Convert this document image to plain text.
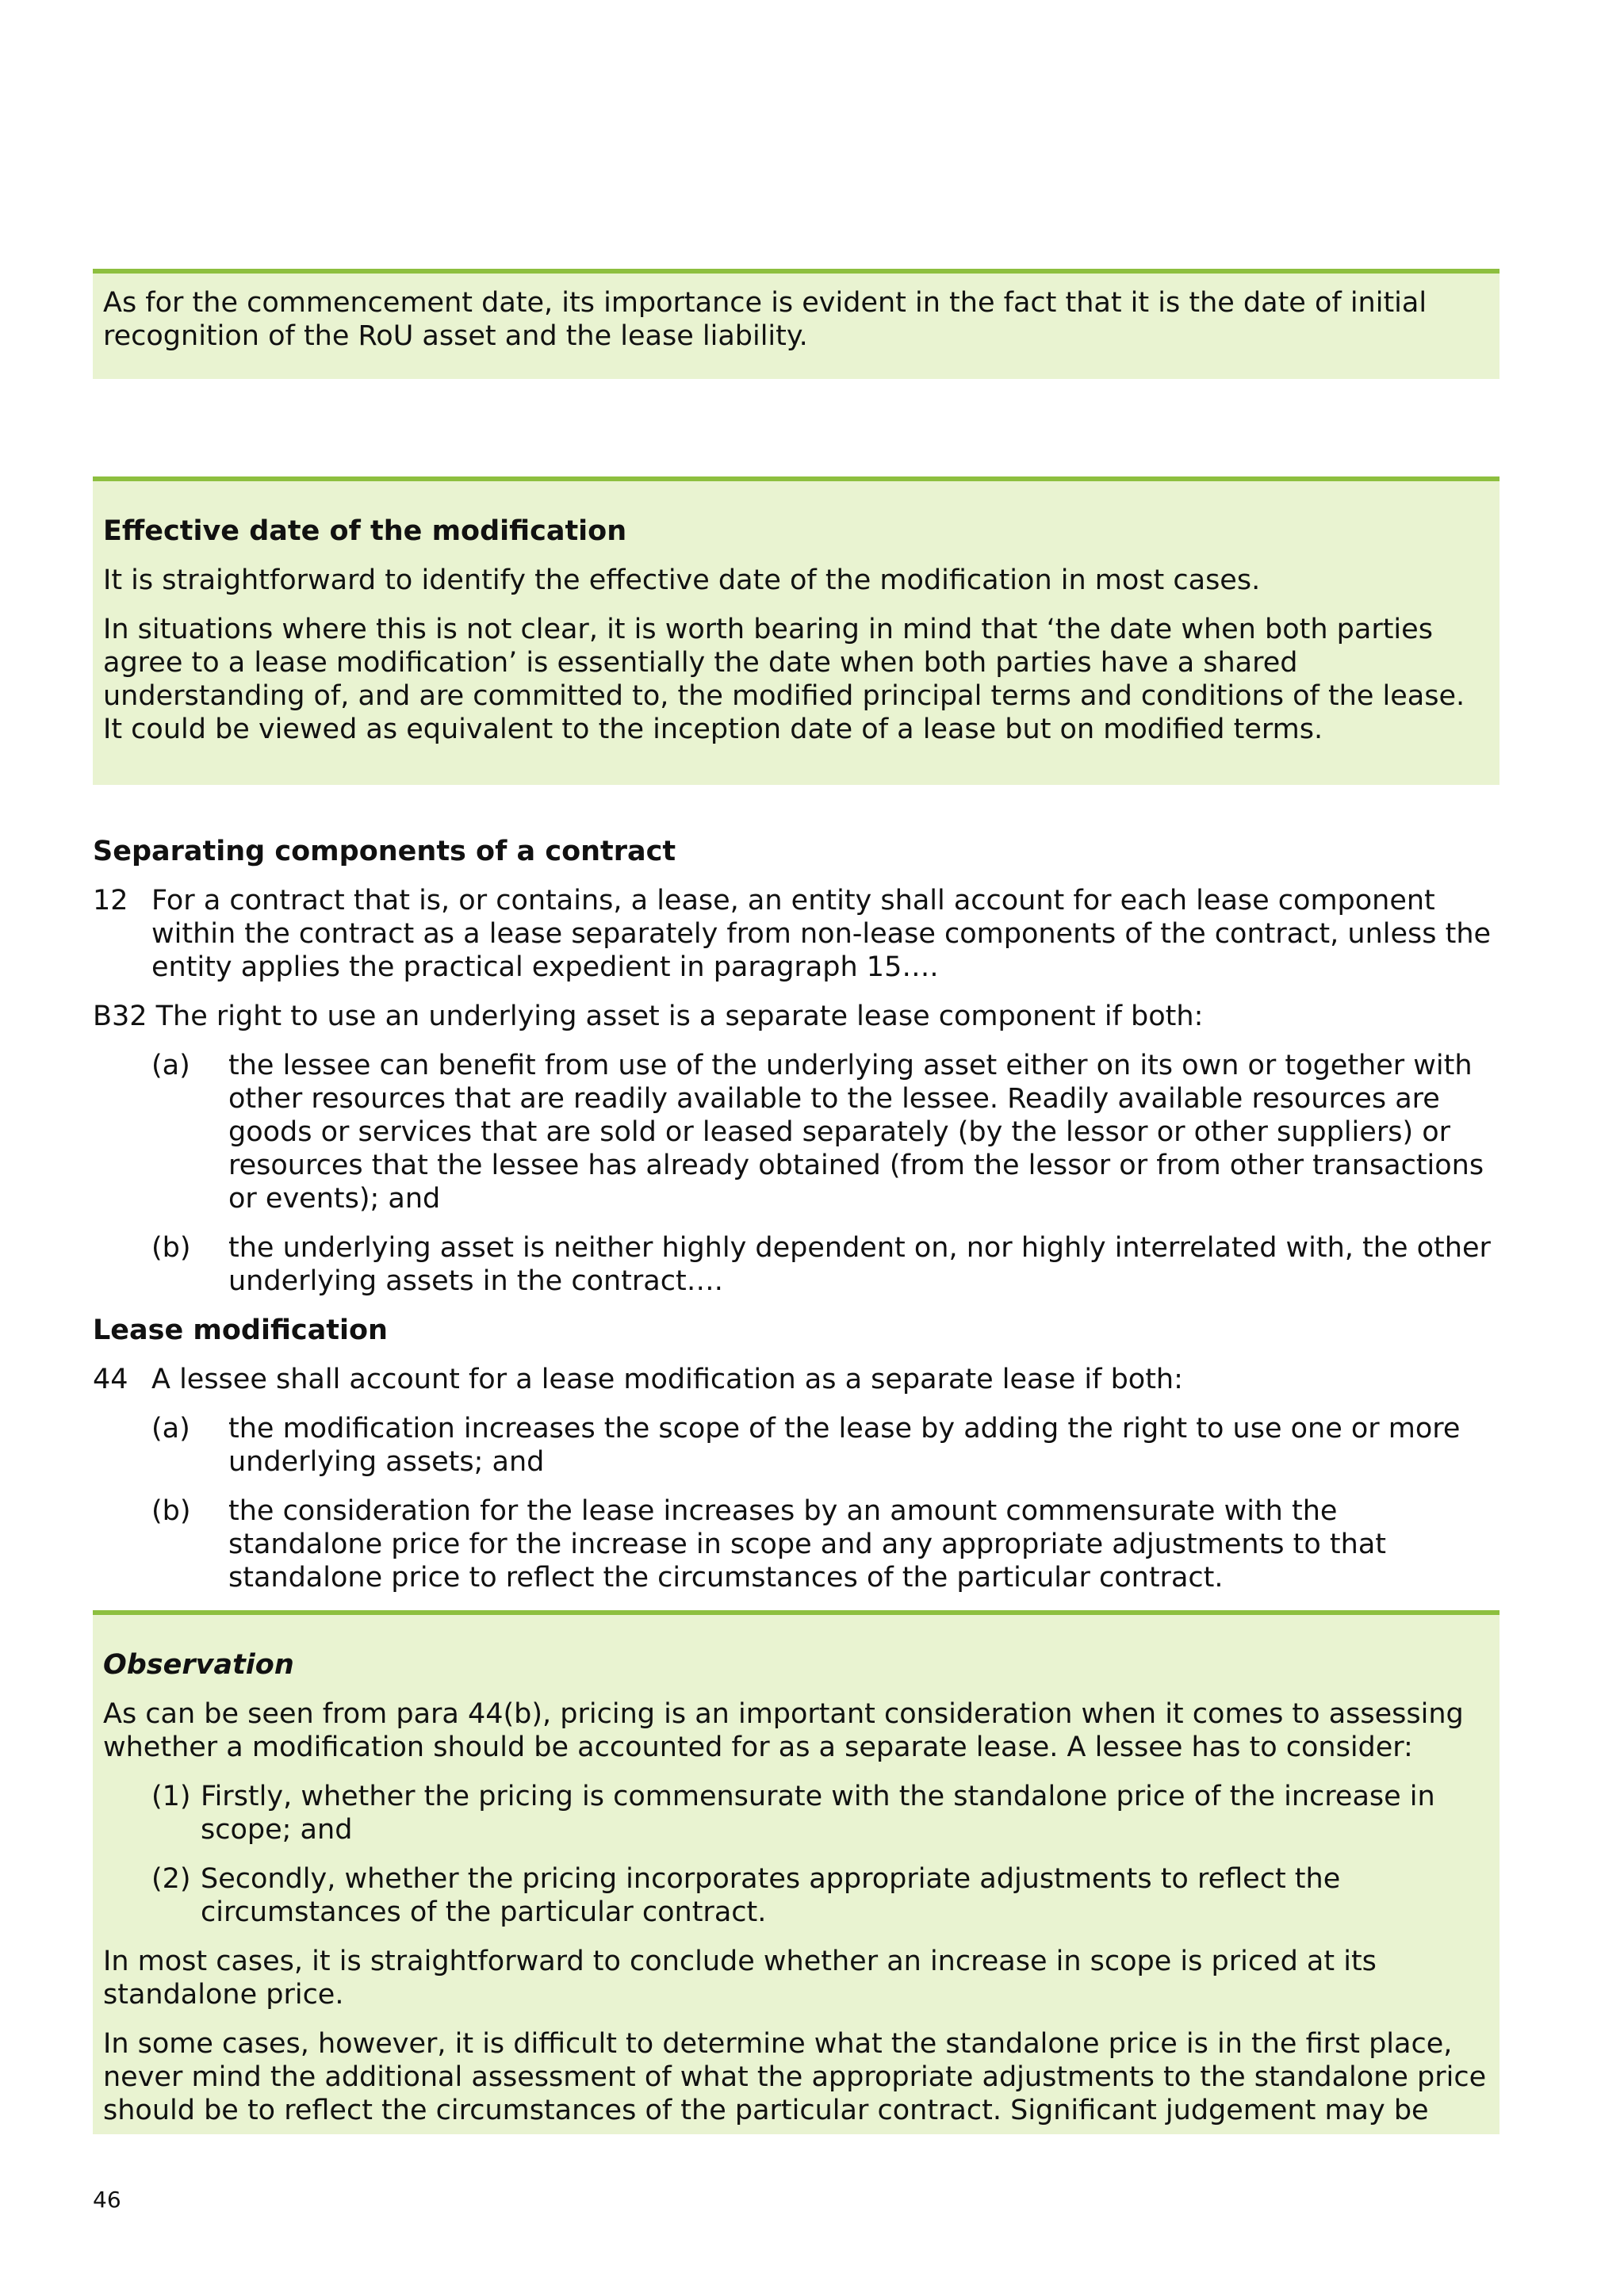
As for the commencement date, its importance is evident in the fact that it is the date of initial recognition of the RoU asset and the lease liability.

Effective date of the modification

It is straightforward to identify the effective date of the modification in most cases.

In situations where this is not clear, it is worth bearing in mind that ‘the date when both parties agree to a lease modification’ is essentially the date when both parties have a shared understanding of, and are committed to, the modified principal terms and conditions of the lease. It could be viewed as equivalent to the inception date of a lease but on modified terms.

Separating components of a contract

12 For a contract that is, or contains, a lease, an entity shall account for each lease component within the contract as a lease separately from non-lease components of the contract, unless the entity applies the practical expedient in paragraph 15….

B32 The right to use an underlying asset is a separate lease component if both:

(a) the lessee can benefit from use of the underlying asset either on its own or together with other resources that are readily available to the lessee. Readily available resources are goods or services that are sold or leased separately (by the lessor or other suppliers) or resources that the lessee has already obtained (from the lessor or from other transactions or events); and
(b) the underlying asset is neither highly dependent on, nor highly interrelated with, the other underlying assets in the contract….

Lease modification

44 A lessee shall account for a lease modification as a separate lease if both:
(a) the modification increases the scope of the lease by adding the right to use one or more underlying assets; and
(b) the consideration for the lease increases by an amount commensurate with the standalone price for the increase in scope and any appropriate adjustments to that standalone price to reflect the circumstances of the particular contract.

Observation

As can be seen from para 44(b), pricing is an important consideration when it comes to assessing whether a modification should be accounted for as a separate lease. A lessee has to consider:

(1) Firstly, whether the pricing is commensurate with the standalone price of the increase in scope; and
(2) Secondly, whether the pricing incorporates appropriate adjustments to reflect the circumstances of the particular contract.

In most cases, it is straightforward to conclude whether an increase in scope is priced at its standalone price.

In some cases, however, it is difficult to determine what the standalone price is in the first place, never mind the additional assessment of what the appropriate adjustments to the standalone price should be to reflect the circumstances of the particular contract. Significant judgement may be

46
